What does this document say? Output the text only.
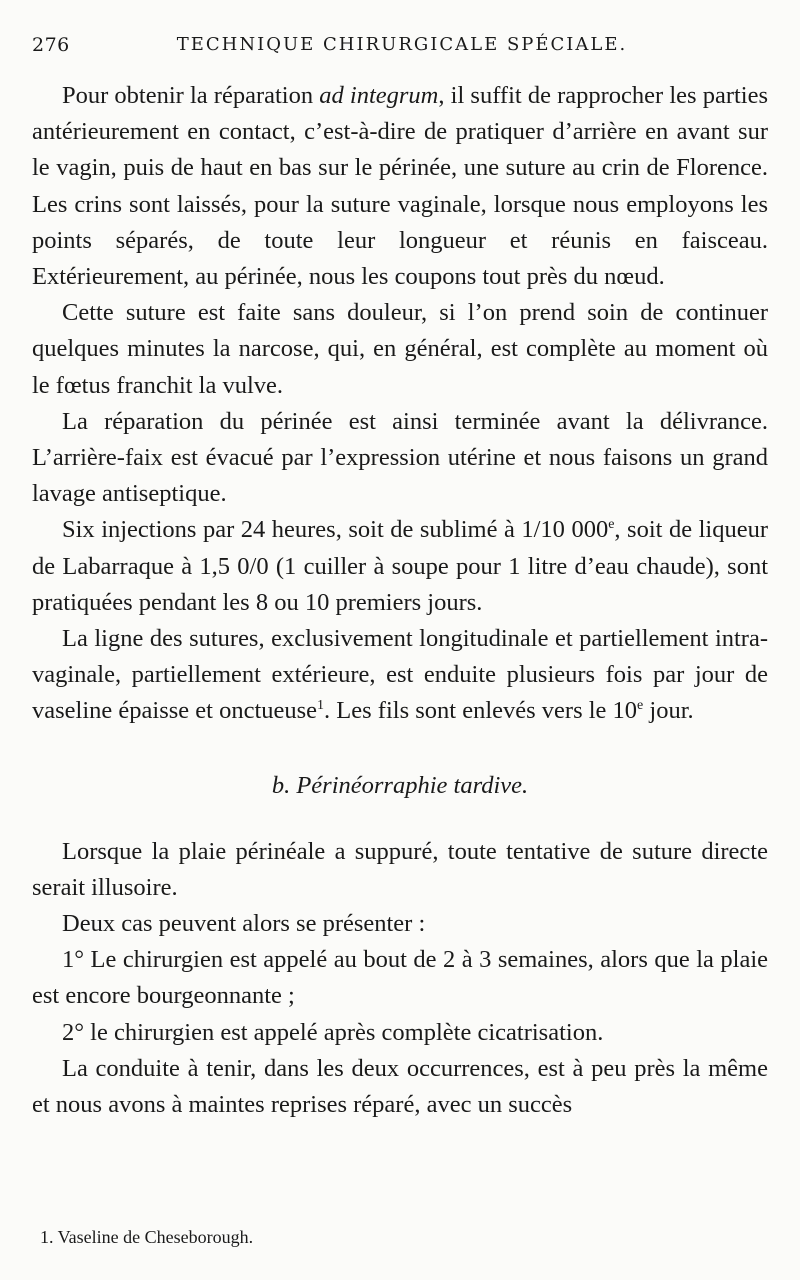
276	TECHNIQUE CHIRURGICALE SPÉCIALE.

Pour obtenir la réparation ad integrum, il suffit de rapprocher les parties antérieurement en contact, c’est-à-dire de pratiquer d’arrière en avant sur le vagin, puis de haut en bas sur le périnée, une suture au crin de Florence. Les crins sont laissés, pour la suture vaginale, lorsque nous employons les points séparés, de toute leur longueur et réunis en faisceau. Extérieurement, au périnée, nous les coupons tout près du nœud.

Cette suture est faite sans douleur, si l’on prend soin de continuer quelques minutes la narcose, qui, en général, est complète au moment où le fœtus franchit la vulve.

La réparation du périnée est ainsi terminée avant la délivrance. L’arrière-faix est évacué par l’expression utérine et nous faisons un grand lavage antiseptique.

Six injections par 24 heures, soit de sublimé à 1/10 000e, soit de liqueur de Labarraque à 1,5 0/0 (1 cuiller à soupe pour 1 litre d’eau chaude), sont pratiquées pendant les 8 ou 10 premiers jours.

La ligne des sutures, exclusivement longitudinale et partiellement intra-vaginale, partiellement extérieure, est enduite plusieurs fois par jour de vaseline épaisse et onctueuse$^1$. Les fils sont enlevés vers le 10e jour.

b. Périnéorraphie tardive.

Lorsque la plaie périnéale a suppuré, toute tentative de suture directe serait illusoire.

Deux cas peuvent alors se présenter :

1° Le chirurgien est appelé au bout de 2 à 3 semaines, alors que la plaie est encore bourgeonnante ;

2° le chirurgien est appelé après complète cicatrisation.

La conduite à tenir, dans les deux occurrences, est à peu près la même et nous avons à maintes reprises réparé, avec un succès

1. Vaseline de Cheseborough.
